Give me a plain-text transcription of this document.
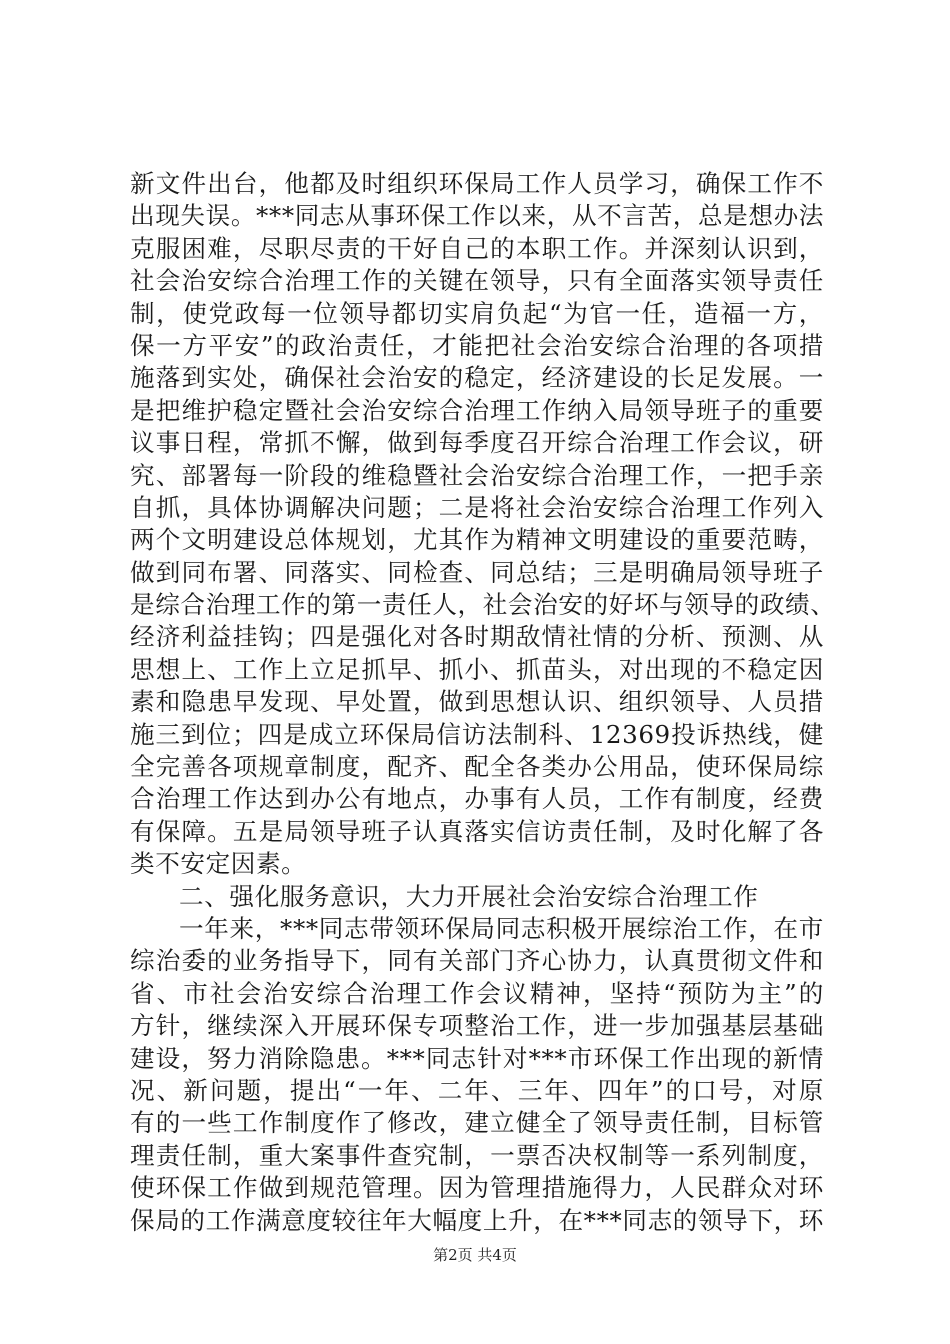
新文件出台，他都及时组织环保局工作人员学习，确保工作不
出现失误。***同志从事环保工作以来，从不言苦，总是想办法
克服困难，尽职尽责的干好自己的本职工作。并深刻认识到，
社会治安综合治理工作的关键在领导，只有全面落实领导责任
制，使党政每一位领导都切实肩负起“为官一任，造福一方，
保一方平安”的政治责任，才能把社会治安综合治理的各项措
施落到实处，确保社会治安的稳定，经济建设的长足发展。一
是把维护稳定暨社会治安综合治理工作纳入局领导班子的重要
议事日程，常抓不懈，做到每季度召开综合治理工作会议，研
究、部署每一阶段的维稳暨社会治安综合治理工作，一把手亲
自抓，具体协调解决问题；二是将社会治安综合治理工作列入
两个文明建设总体规划，尤其作为精神文明建设的重要范畴，
做到同布署、同落实、同检查、同总结；三是明确局领导班子
是综合治理工作的第一责任人，社会治安的好坏与领导的政绩、
经济利益挂钩；四是强化对各时期敌情社情的分析、预测、从
思想上、工作上立足抓早、抓小、抓苗头，对出现的不稳定因
素和隐患早发现、早处置，做到思想认识、组织领导、人员措
施三到位；四是成立环保局信访法制科、12369投诉热线，健
全完善各项规章制度，配齐、配全各类办公用品，使环保局综
合治理工作达到办公有地点，办事有人员，工作有制度，经费
有保障。五是局领导班子认真落实信访责任制，及时化解了各
类不安定因素。
二、强化服务意识，大力开展社会治安综合治理工作
一年来，***同志带领环保局同志积极开展综治工作，在市
综治委的业务指导下，同有关部门齐心协力，认真贯彻文件和
省、市社会治安综合治理工作会议精神，坚持“预防为主”的
方针，继续深入开展环保专项整治工作，进一步加强基层基础
建设，努力消除隐患。***同志针对***市环保工作出现的新情
况、新问题，提出“一年、二年、三年、四年”的口号，对原
有的一些工作制度作了修改，建立健全了领导责任制，目标管
理责任制，重大案事件查究制，一票否决权制等一系列制度，
使环保工作做到规范管理。因为管理措施得力，人民群众对环
保局的工作满意度较往年大幅度上升，在***同志的领导下，环
第2页 共4页
